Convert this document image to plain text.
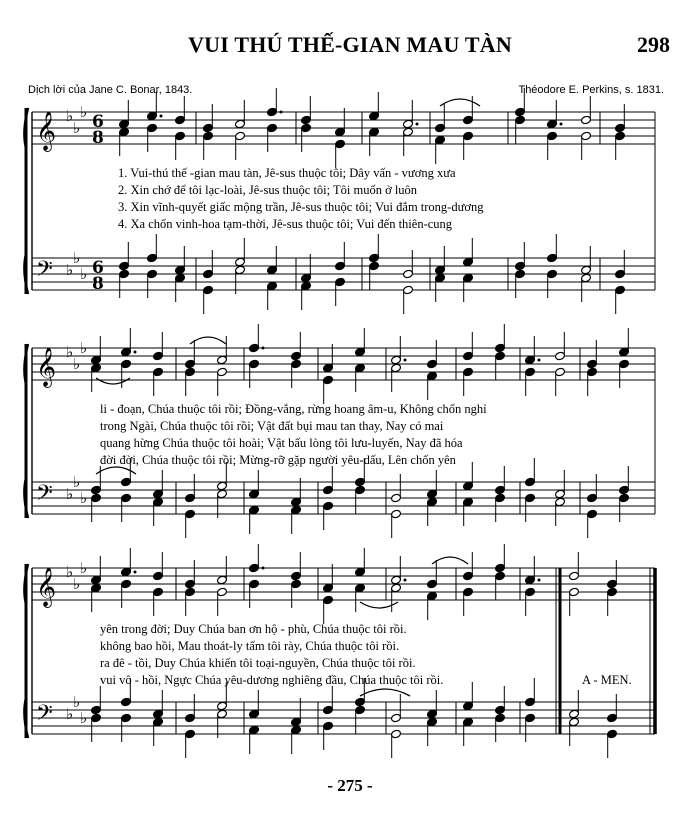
VUI THÚ THẾ-GIAN MAU TÀN	298
Dịch lời của Jane C. Bonar, 1843.	Théodore E. Perkins, s. 1831.
𝄞
𝄢
♭
♭
♭
♭
♭
♭
6
8
6
8
𝄞
𝄢
♭
♭
♭
♭
♭
♭
𝄞
𝄢
♭
♭
♭
♭
♭
♭
1. Vui-thú thế -gian mau tàn, Jê-sus thuộc tôi; Dây vấn - vương xưa
2. Xin chớ để tôi lạc-loài, Jê-sus thuộc tôi; Tôi muốn ở luôn
3. Xin vĩnh-quyết giấc mộng trần, Jê-sus thuộc tôi; Vui đắm trong-dương
4. Xa chốn vinh-hoa tạm-thời, Jê-sus thuộc tôi; Vui đến thiên-cung
li - đoạn, Chúa thuộc tôi rồi; Đồng-vắng, rừng hoang âm-u, Không chốn nghỉ
trong Ngài, Chúa thuộc tôi rồi; Vật đất bụi mau tan thay, Nay có mai
quang hừng Chúa thuộc tôi hoài; Vật bấu lòng tôi lưu-luyến, Nay đã hóa
đời đời, Chúa thuộc tôi rồi; Mừng-rỡ gặp người yêu-dấu, Lên chốn yên
yên trong đời; Duy Chúa ban ơn hộ - phù, Chúa thuộc tôi rồi.
không bao hồi, Mau thoát-ly tấm tôi rày, Chúa thuộc tôi rồi.
ra đê - tồi, Duy Chúa khiến tôi toại-nguyền, Chúa thuộc tôi rồi.
vui vô - hồi, Ngực Chúa yêu-dương nghiêng đầu, Chúa thuộc tôi rồi.	A - MEN.
- 275 -
